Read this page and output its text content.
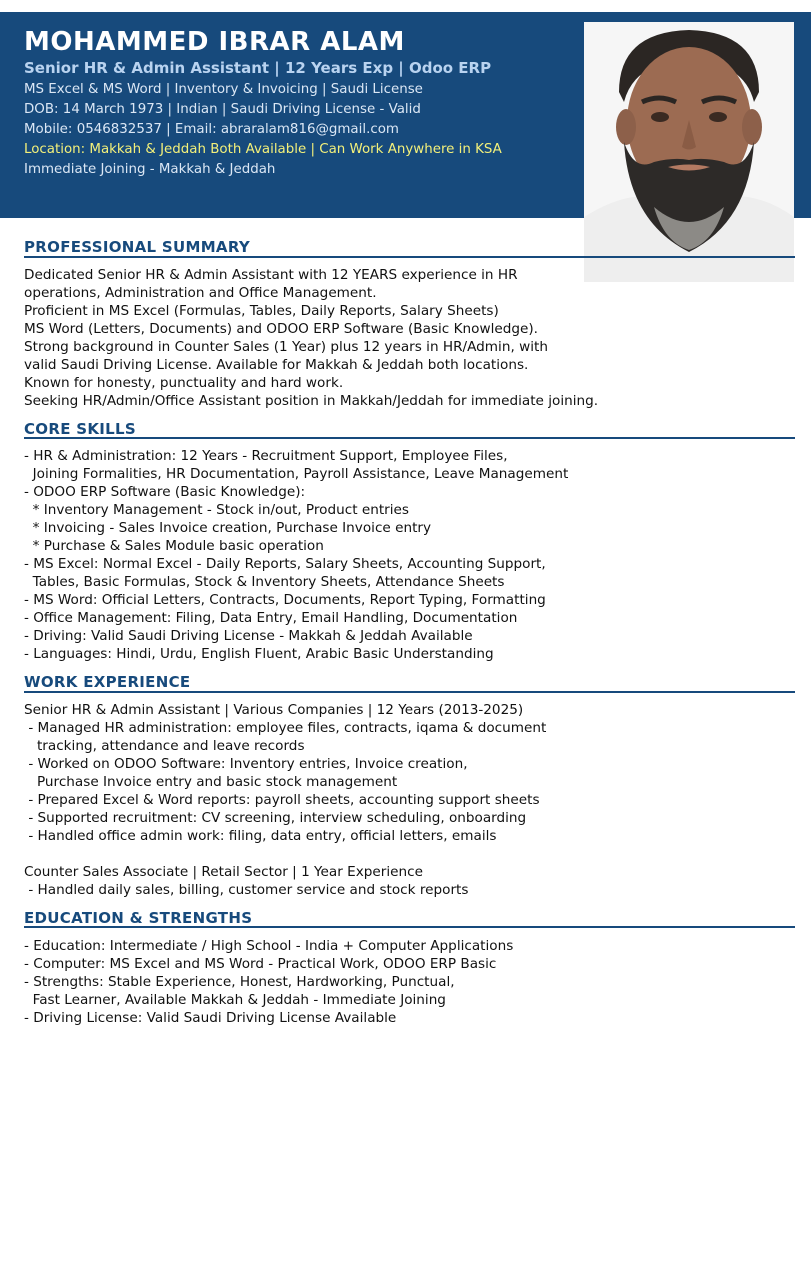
MOHAMMED IBRAR ALAM
Senior HR & Admin Assistant | 12 Years Exp | Odoo ERP
MS Excel & MS Word | Inventory & Invoicing | Saudi License
DOB: 14 March 1973 | Indian | Saudi Driving License - Valid
Mobile: 0546832537 | Email: abraralam816@gmail.com
Location: Makkah & Jeddah Both Available | Can Work Anywhere in KSA
Immediate Joining - Makkah & Jeddah
PROFESSIONAL SUMMARY
Dedicated Senior HR & Admin Assistant with 12 YEARS experience in HR
operations, Administration and Office Management.
Proficient in MS Excel (Formulas, Tables, Daily Reports, Salary Sheets)
MS Word (Letters, Documents) and ODOO ERP Software (Basic Knowledge).
Strong background in Counter Sales (1 Year) plus 12 years in HR/Admin, with
valid Saudi Driving License. Available for Makkah & Jeddah both locations.
Known for honesty, punctuality and hard work.
Seeking HR/Admin/Office Assistant position in Makkah/Jeddah for immediate joining.
CORE SKILLS
- HR & Administration: 12 Years - Recruitment Support, Employee Files,
Joining Formalities, HR Documentation, Payroll Assistance, Leave Management
- ODOO ERP Software (Basic Knowledge):
* Inventory Management - Stock in/out, Product entries
* Invoicing - Sales Invoice creation, Purchase Invoice entry
* Purchase & Sales Module basic operation
- MS Excel: Normal Excel - Daily Reports, Salary Sheets, Accounting Support,
Tables, Basic Formulas, Stock & Inventory Sheets, Attendance Sheets
- MS Word: Official Letters, Contracts, Documents, Report Typing, Formatting
- Office Management: Filing, Data Entry, Email Handling, Documentation
- Driving: Valid Saudi Driving License - Makkah & Jeddah Available
- Languages: Hindi, Urdu, English Fluent, Arabic Basic Understanding
WORK EXPERIENCE
Senior HR & Admin Assistant | Various Companies | 12 Years (2013-2025)
- Managed HR administration: employee files, contracts, iqama & document
tracking, attendance and leave records
- Worked on ODOO Software: Inventory entries, Invoice creation,
Purchase Invoice entry and basic stock management
- Prepared Excel & Word reports: payroll sheets, accounting support sheets
- Supported recruitment: CV screening, interview scheduling, onboarding
- Handled office admin work: filing, data entry, official letters, emails
Counter Sales Associate | Retail Sector | 1 Year Experience
- Handled daily sales, billing, customer service and stock reports
EDUCATION & STRENGTHS
- Education: Intermediate / High School - India + Computer Applications
- Computer: MS Excel and MS Word - Practical Work, ODOO ERP Basic
- Strengths: Stable Experience, Honest, Hardworking, Punctual,
Fast Learner, Available Makkah & Jeddah - Immediate Joining
- Driving License: Valid Saudi Driving License Available
